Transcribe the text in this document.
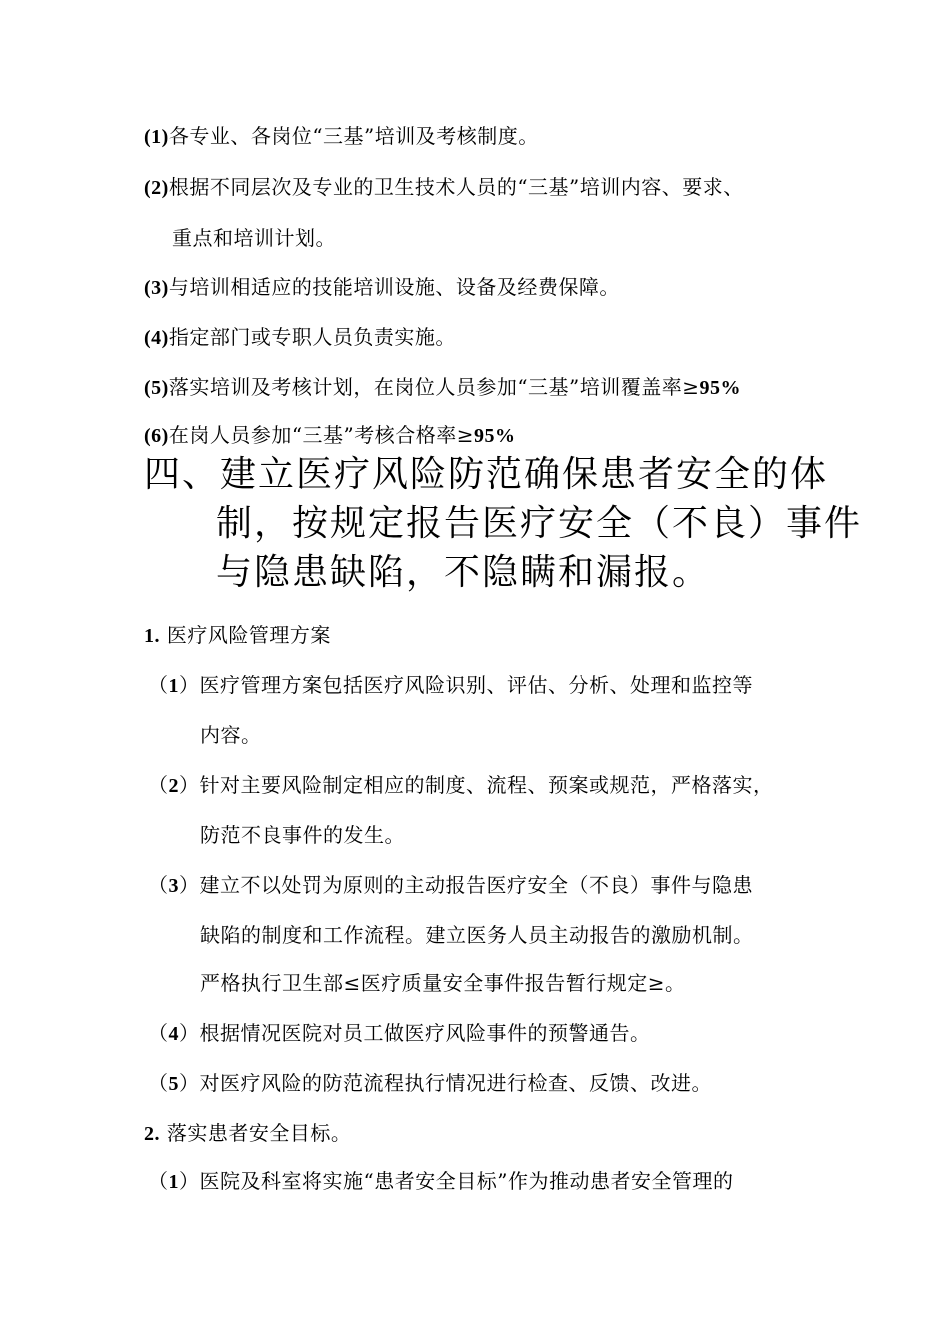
(1)各专业、各岗位“三基”培训及考核制度。
(2)根据不同层次及专业的卫生技术人员的“三基”培训内容、要求、
重点和培训计划。
(3)与培训相适应的技能培训设施、设备及经费保障。
(4)指定部门或专职人员负责实施。
(5)落实培训及考核计划，在岗位人员参加“三基”培训覆盖率≥95%
(6)在岗人员参加“三基”考核合格率≥95%
四、建立医疗风险防范确保患者安全的体
制，按规定报告医疗安全（不良）事件
与隐患缺陷，不隐瞒和漏报。
1. 医疗风险管理方案
（1）医疗管理方案包括医疗风险识别、评估、分析、处理和监控等
内容。
（2）针对主要风险制定相应的制度、流程、预案或规范，严格落实，
防范不良事件的发生。
（3）建立不以处罚为原则的主动报告医疗安全（不良）事件与隐患
缺陷的制度和工作流程。建立医务人员主动报告的激励机制。
严格执行卫生部≤医疗质量安全事件报告暂行规定≥。
（4）根据情况医院对员工做医疗风险事件的预警通告。
（5）对医疗风险的防范流程执行情况进行检查、反馈、改进。
2. 落实患者安全目标。
（1）医院及科室将实施“患者安全目标”作为推动患者安全管理的
